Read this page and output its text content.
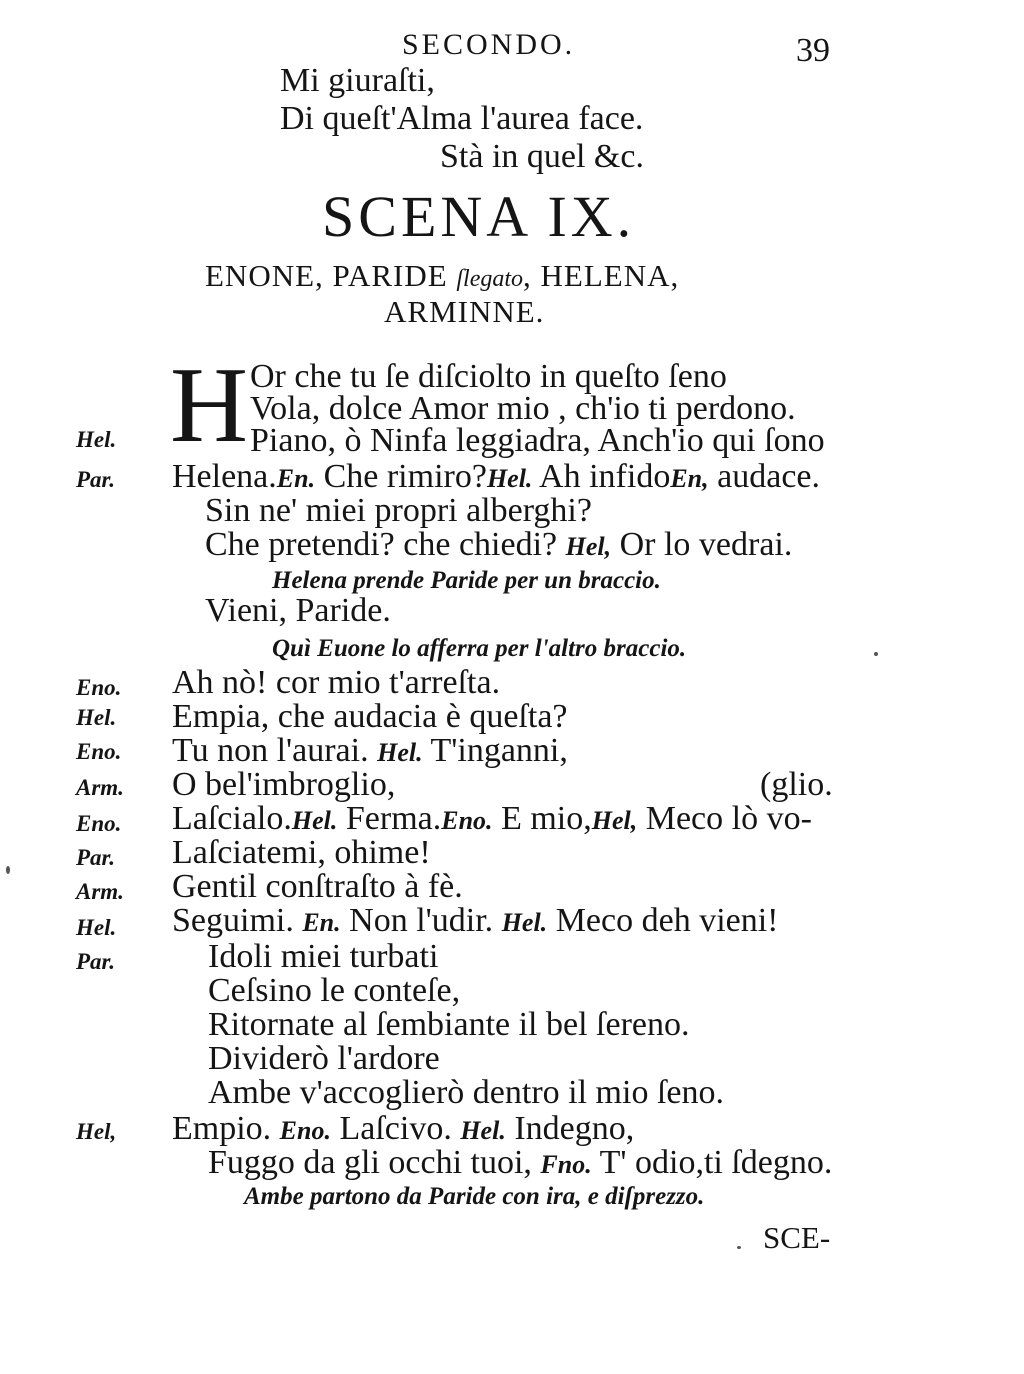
SECONDO.	39
Mi giuraſti,
Di queſt'Alma l'aurea face.
Stà in quel &c.
SCENA IX.
ENONE, PARIDE ſlegato, HELENA,
ARMINNE.
H
Hel.
Par.
Eno.
Hel.
Eno.
Arm.
Eno.
Par.
Arm.
Hel.
Par.
Hel,
Or che tu ſe diſciolto in queſto ſeno
Vola, dolce Amor mio , ch'io ti perdono.
Piano, ò Ninfa leggiadra, Anch'io qui ſono
Helena.En. Che rimiro?Hel. Ah infidoEn, audace.
Sin ne' miei propri alberghi?
Che pretendi? che chiedi? Hel, Or lo vedrai.
Helena prende Paride per un braccio.
Vieni, Paride.
Quì Euone lo afferra per l'altro braccio.
Ah nò! cor mio t'arreſta.
Empia, che audacia è queſta?
Tu non l'aurai. Hel. T'inganni,
O bel'imbroglio,	(glio.
Laſcialo.Hel. Ferma.Eno. E mio,Hel, Meco lò vo-
Laſciatemi, ohime!
Gentil conſtraſto à fè.
Seguimi. En. Non l'udir. Hel. Meco deh vieni!
Idoli miei turbati
Ceſsino le conteſe,
Ritornate al ſembiante il bel ſereno.
Dividerò l'ardore
Ambe v'accoglierò dentro il mio ſeno.
Empio. Eno. Laſcivo. Hel. Indegno,
Fuggo da gli occhi tuoi, Fno. T' odio,ti ſdegno.
Ambe partono da Paride con ira, e diſprezzo.
SCE-
